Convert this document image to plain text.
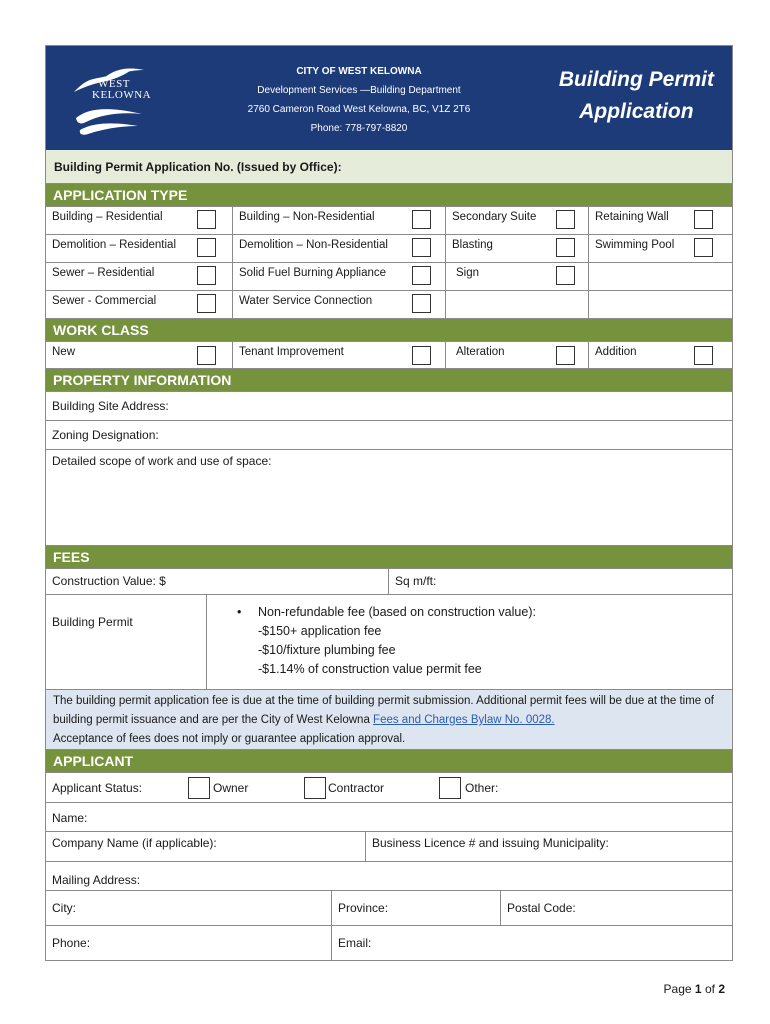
WEST
KELOWNA
CITY OF WEST KELOWNA
Development Services —Building Department
2760 Cameron Road West Kelowna, BC, V1Z 2T6
Phone: 778-797-8820
Building Permit
Application
Building Permit Application No. (Issued by Office):
APPLICATION TYPE
Building – Residential	Building – Non-Residential	Secondary Suite	Retaining Wall
Demolition – Residential	Demolition – Non-Residential	Blasting	Swimming Pool
Sewer – Residential	Solid Fuel Burning Appliance	Sign
Sewer - Commercial	Water Service Connection
WORK CLASS
New	Tenant Improvement	Alteration	Addition
PROPERTY INFORMATION
Building Site Address:
Zoning Designation:
Detailed scope of work and use of space:
FEES
Construction Value: $	Sq m/ft:
Building Permit
• Non-refundable fee (based on construction value):
-$150+ application fee
-$10/fixture plumbing fee
-$1.14% of construction value permit fee
The building permit application fee is due at the time of building permit submission. Additional permit fees will be due at the time of building permit issuance and are per the City of West Kelowna Fees and Charges Bylaw No. 0028.
Acceptance of fees does not imply or guarantee application approval.
APPLICANT
Applicant Status:	Owner	Contractor	Other:
Name:
Company Name (if applicable):	Business Licence # and issuing Municipality:
Mailing Address:
City:	Province:	Postal Code:
Phone:	Email:
Page 1 of 2
